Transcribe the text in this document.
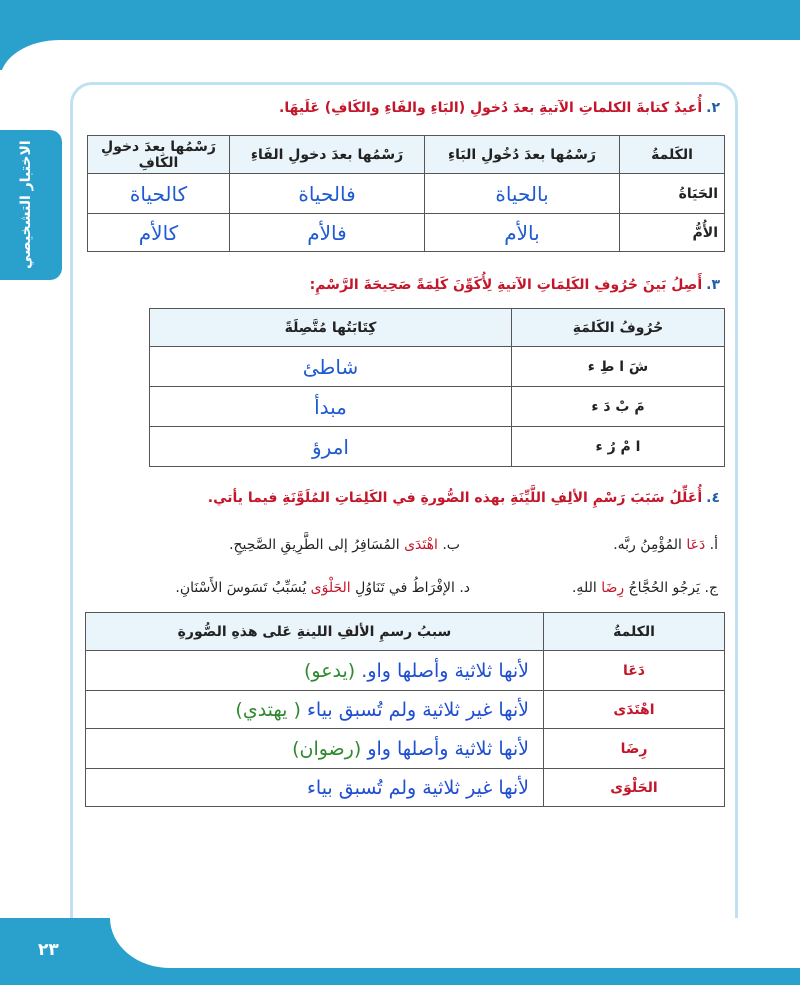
الاختبار التشخيصي
٢.أُعيدُ كتابةَ الكلماتِ الآتيةِ بعدَ دُخولِ (البَاءِ والفَاءِ والكَافِ) عَلَيهَا.
الكَلمةُ	رَسْمُها بعدَ دُخُولِ البَاءِ	رَسْمُها بعدَ دخولِ الفَاءِ	رَسْمُها بعدَ دخولِ الكَافِ
الحَيَاةُ	بالحياة	فالحياة	كالحياة
الأُمُّ	بالأم	فالأم	كالأم
٣.أَصِلُ بَينَ حُرُوفِ الكَلِمَاتِ الآتيةِ لِأُكَوِّنَ كَلِمَةً صَحِيحَةَ الرَّسْمِ:
حُرُوفُ الكَلمَةِ	كِتَابَتُها مُتَّصِلَةً
شَ ا طِ ء	شاطئ
مَ بْ دَ ء	مبدأ
ا مْ رُ ء	امرؤ
٤.أُعَلِّلُ سَبَبَ رَسْمِ الألِفِ اللَّيِّنَةِ بهذه الصُّورةِ في الكَلِمَاتِ المُلَوَّنَةِ فيما يأتي.
أ. دَعَا المُؤْمِنُ ربَّه.
ب. اهْتَدَى المُسَافِرُ إلى الطَّرِيقِ الصَّحِيحِ.
ج. يَرجُو الحُجَّاجُ رِضَا اللهِ.
د. الإفْرَاطُ في تَنَاوُلِ الحَلْوَى يُسَبِّبُ تَسَوسَ الأَسْنَانِ.
الكلمةُ	سببُ رسمِ الألفِ اللينةِ عَلى هذهِ الصُّورةِ
دَعَا	لأنها ثلاثية وأصلها واو. (يدعو)
اهْتَدَى	لأنها غير ثلاثية ولم تُسبق بياء ( يهتدي)
رِضَا	لأنها ثلاثية وأصلها واو (رضوان)
الحَلْوَى	لأنها غير ثلاثية ولم تُسبق بياء
٢٣
